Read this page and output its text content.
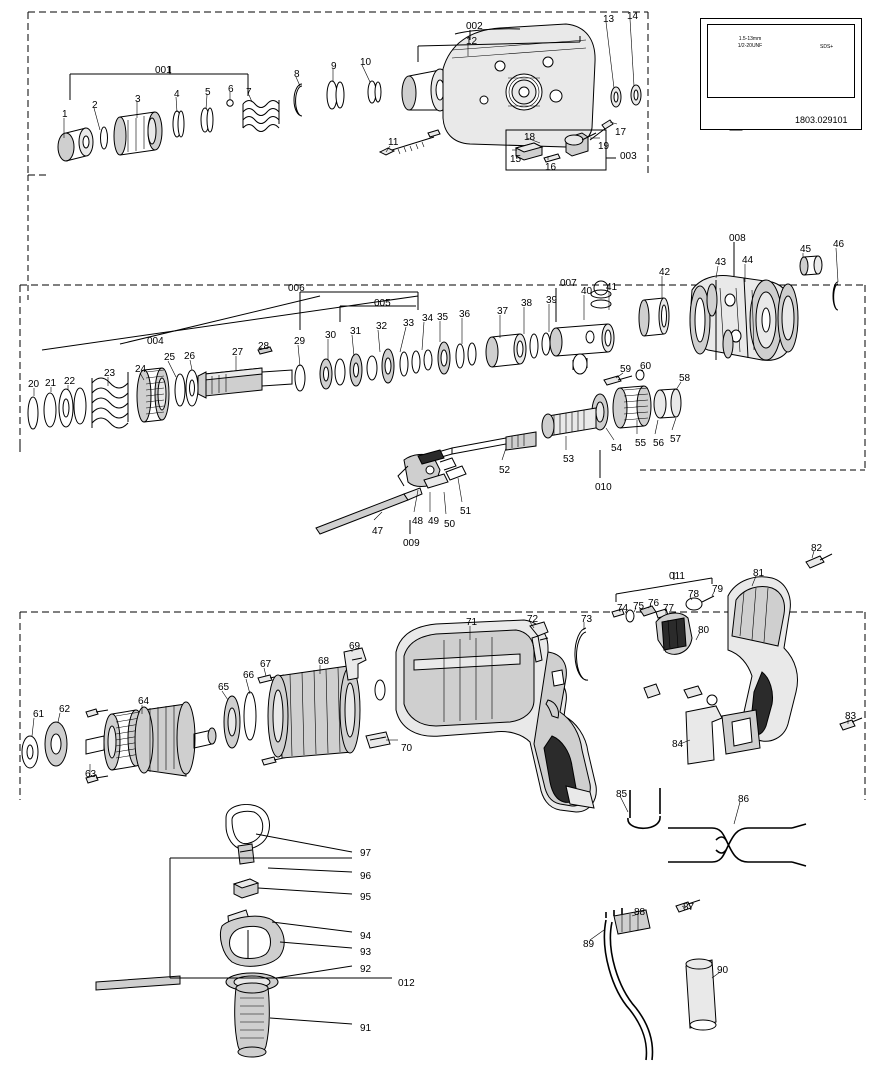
1.5-13mm
1/2-20UNF	SDS+
1803.029101
001
002
003
004
005
006	007
008
009
010
011
012
1
2
3	4	5 6 7
8
9 10
11
12
13 14
15
16
17
18
19
20 21 22
23 24
25 26	27
28 29
30 31 32 33 34 35 36	37
38 39
40 41
42
43 44
45 46
47
48 49 50
51
52
53
54 55 56 57
58
59 60
61 62
63
64
65
66
67	68
69
70
71	72	73
74 75 76 77
78 79
80
81
82
83
84
85	86
87
88
89
90
91
92
93
94
95
96
97
